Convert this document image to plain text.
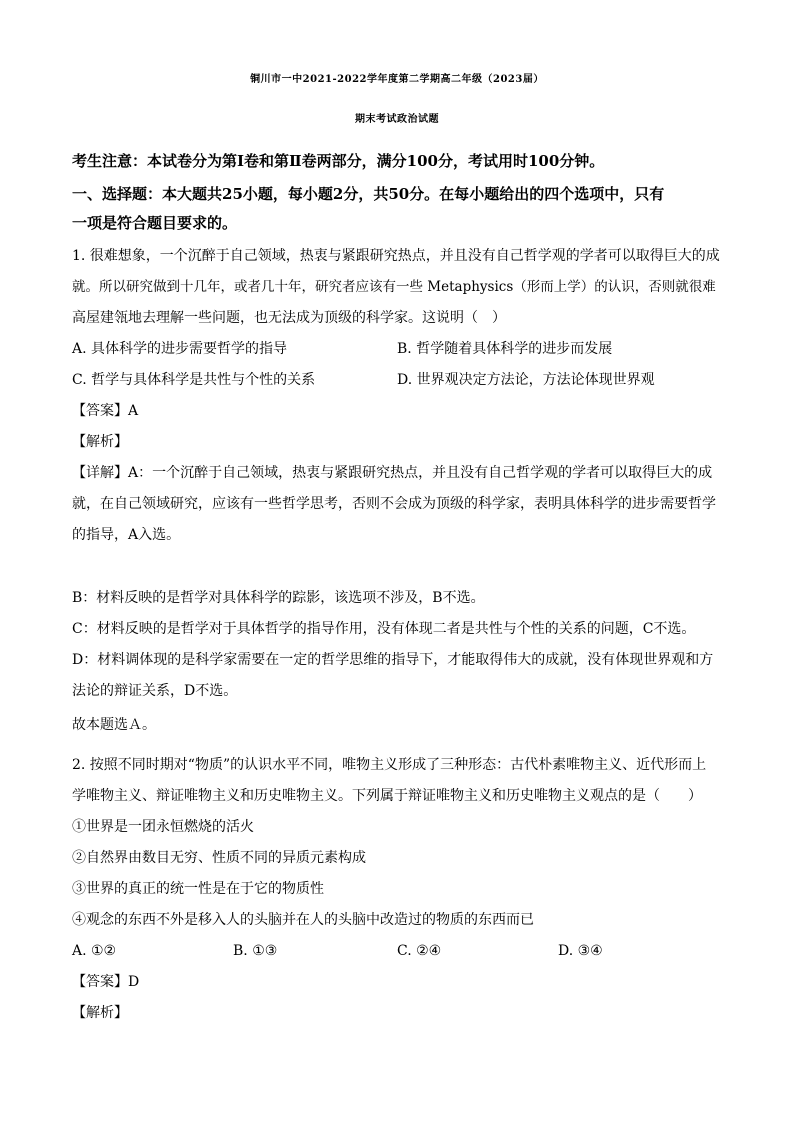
铜川市一中2021-2022学年度第二学期高二年级（2023届）
期末考试政治试题
考生注意：本试卷分为第Ⅰ卷和第Ⅱ卷两部分，满分100分，考试用时100分钟。
一、选择题：本大题共25小题，每小题2分，共50分。在每小题给出的四个选项中，只有
一项是符合题目要求的。
1. 很难想象，一个沉醉于自己领域，热衷与紧跟研究热点，并且没有自己哲学观的学者可以取得巨大的成
就。所以研究做到十几年，或者几十年，研究者应该有一些 Metaphysics（形而上学）的认识，否则就很难
高屋建瓴地去理解一些问题，也无法成为顶级的科学家。这说明（　）
A. 具体科学的进步需要哲学的指导	B. 哲学随着具体科学的进步而发展
C. 哲学与具体科学是共性与个性的关系	D. 世界观决定方法论，方法论体现世界观
【答案】A
【解析】
【详解】A：一个沉醉于自己领域，热衷与紧跟研究热点，并且没有自己哲学观的学者可以取得巨大的成
就，在自己领域研究，应该有一些哲学思考，否则不会成为顶级的科学家，表明具体科学的进步需要哲学
的指导，A入选。
B：材料反映的是哲学对具体科学的踪影，该选项不涉及，B不选。
C：材料反映的是哲学对于具体哲学的指导作用，没有体现二者是共性与个性的关系的问题，C不选。
D：材料调体现的是科学家需要在一定的哲学思维的指导下，才能取得伟大的成就，没有体现世界观和方
法论的辩证关系，D不选。
故本题选Ａ。
2. 按照不同时期对“物质”的认识水平不同，唯物主义形成了三种形态：古代朴素唯物主义、近代形而上
学唯物主义、辩证唯物主义和历史唯物主义。下列属于辩证唯物主义和历史唯物主义观点的是（　　）
①世界是一团永恒燃烧的活火
②自然界由数目无穷、性质不同的异质元素构成
③世界的真正的统一性是在于它的物质性
④观念的东西不外是移入人的头脑并在人的头脑中改造过的物质的东西而已
A. ①②	B. ①③	C. ②④	D. ③④
【答案】D
【解析】
